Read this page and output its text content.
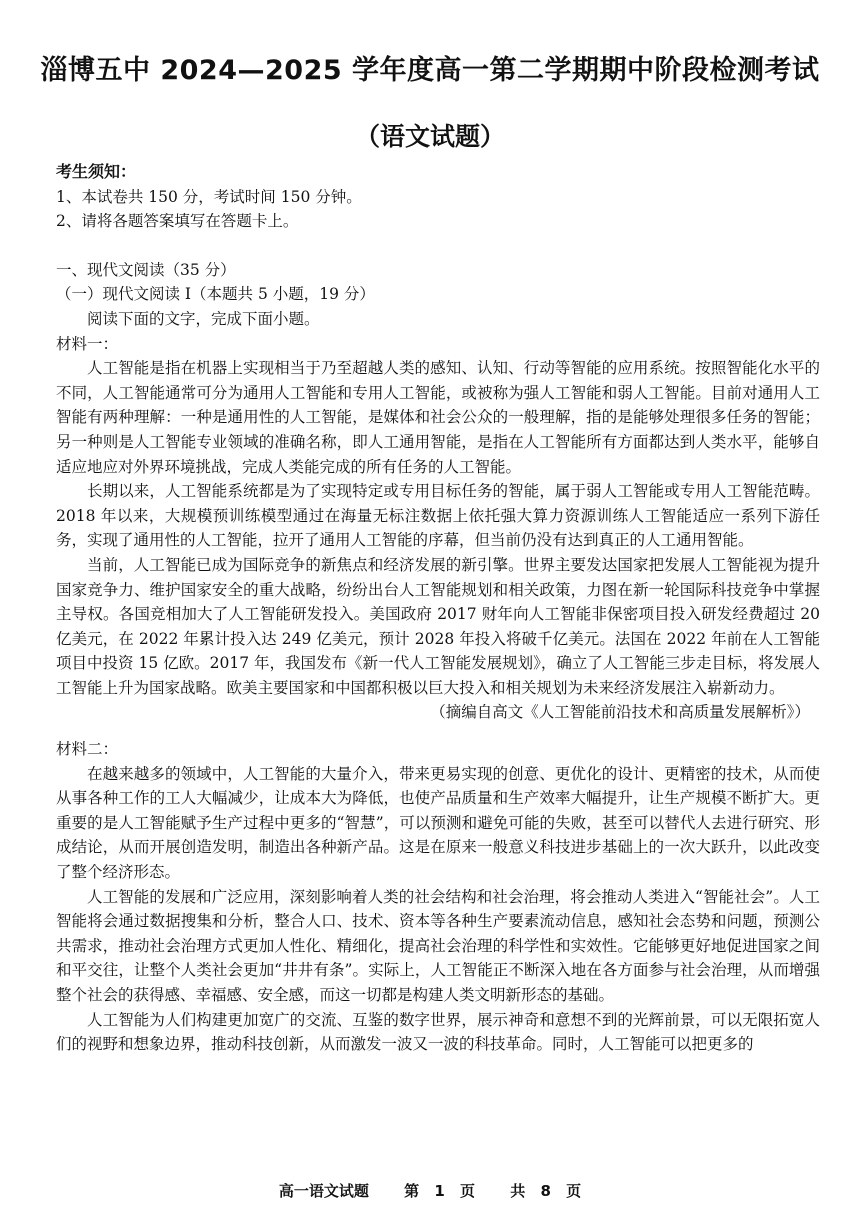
淄博五中 2024—2025 学年度高一第二学期期中阶段检测考试
（语文试题）
考生须知：
1、本试卷共 150 分，考试时间 150 分钟。
2、请将各题答案填写在答题卡上。
一、现代文阅读（35 分）
（一）现代文阅读 I（本题共 5 小题，19 分）
阅读下面的文字，完成下面小题。
材料一：
人工智能是指在机器上实现相当于乃至超越人类的感知、认知、行动等智能的应用系统。按照智能化水平的不同，人工智能通常可分为通用人工智能和专用人工智能，或被称为强人工智能和弱人工智能。目前对通用人工智能有两种理解：一种是通用性的人工智能，是媒体和社会公众的一般理解，指的是能够处理很多任务的智能；另一种则是人工智能专业领域的准确名称，即人工通用智能，是指在人工智能所有方面都达到人类水平，能够自适应地应对外界环境挑战，完成人类能完成的所有任务的人工智能。
长期以来，人工智能系统都是为了实现特定或专用目标任务的智能，属于弱人工智能或专用人工智能范畴。2018 年以来，大规模预训练模型通过在海量无标注数据上依托强大算力资源训练人工智能适应一系列下游任务，实现了通用性的人工智能，拉开了通用人工智能的序幕，但当前仍没有达到真正的人工通用智能。
当前，人工智能已成为国际竞争的新焦点和经济发展的新引擎。世界主要发达国家把发展人工智能视为提升国家竞争力、维护国家安全的重大战略，纷纷出台人工智能规划和相关政策，力图在新一轮国际科技竞争中掌握主导权。各国竞相加大了人工智能研发投入。美国政府 2017 财年向人工智能非保密项目投入研发经费超过 20 亿美元，在 2022 年累计投入达 249 亿美元，预计 2028 年投入将破千亿美元。法国在 2022 年前在人工智能项目中投资 15 亿欧。2017 年，我国发布《新一代人工智能发展规划》，确立了人工智能三步走目标，将发展人工智能上升为国家战略。欧美主要国家和中国都积极以巨大投入和相关规划为未来经济发展注入崭新动力。
（摘编自高文《人工智能前沿技术和高质量发展解析》）
材料二：
在越来越多的领域中，人工智能的大量介入，带来更易实现的创意、更优化的设计、更精密的技术，从而使从事各种工作的工人大幅减少，让成本大为降低，也使产品质量和生产效率大幅提升，让生产规模不断扩大。更重要的是人工智能赋予生产过程中更多的“智慧”，可以预测和避免可能的失败，甚至可以替代人去进行研究、形成结论，从而开展创造发明，制造出各种新产品。这是在原来一般意义科技进步基础上的一次大跃升，以此改变了整个经济形态。
人工智能的发展和广泛应用，深刻影响着人类的社会结构和社会治理，将会推动人类进入“智能社会”。人工智能将会通过数据搜集和分析，整合人口、技术、资本等各种生产要素流动信息，感知社会态势和问题，预测公共需求，推动社会治理方式更加人性化、精细化，提高社会治理的科学性和实效性。它能够更好地促进国家之间和平交往，让整个人类社会更加“井井有条”。实际上，人工智能正不断深入地在各方面参与社会治理，从而增强整个社会的获得感、幸福感、安全感，而这一切都是构建人类文明新形态的基础。
人工智能为人们构建更加宽广的交流、互鉴的数字世界，展示神奇和意想不到的光辉前景，可以无限拓宽人们的视野和想象边界，推动科技创新，从而激发一波又一波的科技革命。同时，人工智能可以把更多的
高一语文试题 第 1 页 共 8 页
